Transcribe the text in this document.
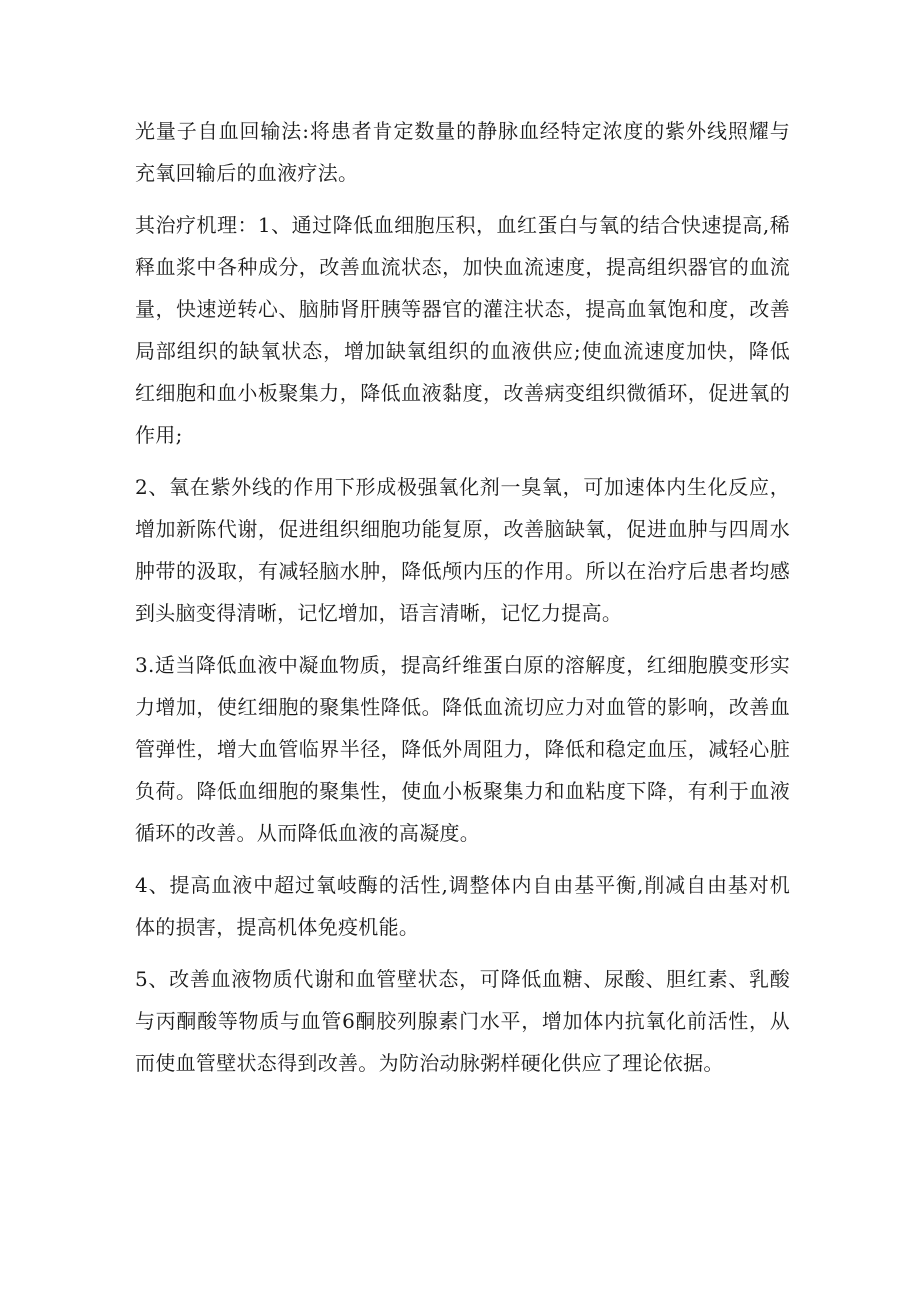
光量子自血回输法:将患者肯定数量的静脉血经特定浓度的紫外线照耀与充氧回输后的血液疗法。

其治疗机理：1、通过降低血细胞压积，血红蛋白与氧的结合快速提高,稀释血浆中各种成分，改善血流状态，加快血流速度，提高组织器官的血流量，快速逆转心、脑肺肾肝胰等器官的灌注状态，提高血氧饱和度，改善局部组织的缺氧状态，增加缺氧组织的血液供应;使血流速度加快，降低红细胞和血小板聚集力，降低血液黏度，改善病变组织微循环，促进氧的作用;

2、氧在紫外线的作用下形成极强氧化剂一臭氧，可加速体内生化反应，增加新陈代谢，促进组织细胞功能复原，改善脑缺氧，促进血肿与四周水肿带的汲取，有减轻脑水肿，降低颅内压的作用。所以在治疗后患者均感到头脑变得清晰，记忆增加，语言清晰，记忆力提高。

3.适当降低血液中凝血物质，提高纤维蛋白原的溶解度，红细胞膜变形实力增加，使红细胞的聚集性降低。降低血流切应力对血管的影响，改善血管弹性，增大血管临界半径，降低外周阻力，降低和稳定血压，减轻心脏负荷。降低血细胞的聚集性，使血小板聚集力和血粘度下降，有利于血液循环的改善。从而降低血液的高凝度。

4、提高血液中超过氧岐酶的活性,调整体内自由基平衡,削减自由基对机体的损害，提高机体免疫机能。

5、改善血液物质代谢和血管壁状态，可降低血糖、尿酸、胆红素、乳酸与丙酮酸等物质与血管6酮胶列腺素门水平，增加体内抗氧化前活性，从而使血管壁状态得到改善。为防治动脉粥样硬化供应了理论依据。
